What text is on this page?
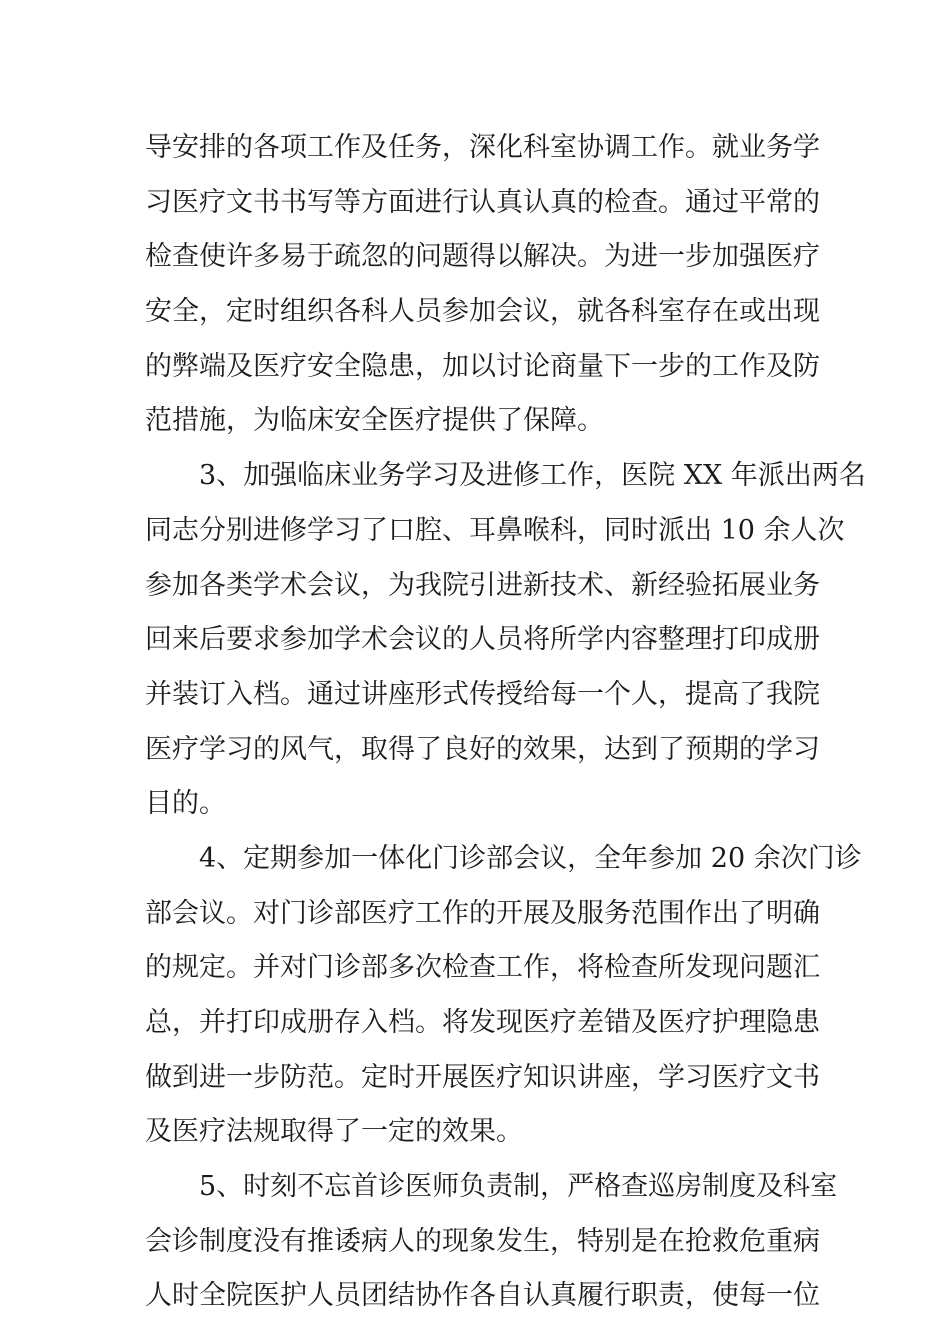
导安排的各项工作及任务，深化科室协调工作。就业务学
习医疗文书书写等方面进行认真认真的检查。通过平常的
检查使许多易于疏忽的问题得以解决。为进一步加强医疗
安全，定时组织各科人员参加会议，就各科室存在或出现
的弊端及医疗安全隐患，加以讨论商量下一步的工作及防
范措施，为临床安全医疗提供了保障。
3、加强临床业务学习及进修工作，医院 XX 年派出两名
同志分别进修学习了口腔、耳鼻喉科，同时派出 10 余人次
参加各类学术会议，为我院引进新技术、新经验拓展业务
回来后要求参加学术会议的人员将所学内容整理打印成册
并装订入档。通过讲座形式传授给每一个人，提高了我院
医疗学习的风气，取得了良好的效果，达到了预期的学习
目的。
4、定期参加一体化门诊部会议，全年参加 20 余次门诊
部会议。对门诊部医疗工作的开展及服务范围作出了明确
的规定。并对门诊部多次检查工作，将检查所发现问题汇
总，并打印成册存入档。将发现医疗差错及医疗护理隐患
做到进一步防范。定时开展医疗知识讲座，学习医疗文书
及医疗法规取得了一定的效果。
5、时刻不忘首诊医师负责制，严格查巡房制度及科室
会诊制度没有推诿病人的现象发生，特别是在抢救危重病
人时全院医护人员团结协作各自认真履行职责，使每一位
